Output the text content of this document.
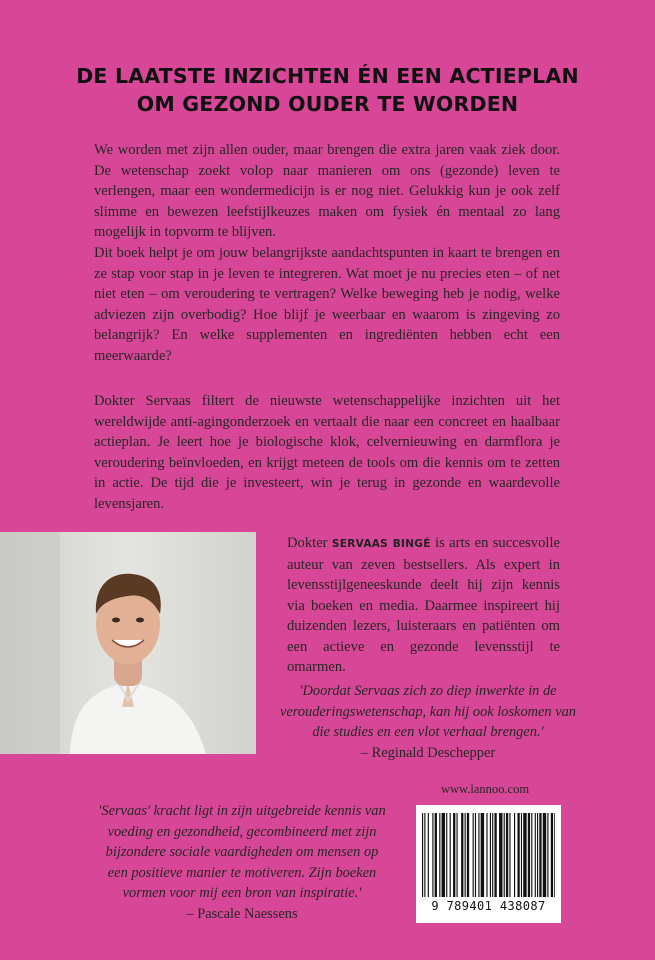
DE LAATSTE INZICHTEN ÉN EEN ACTIEPLAN
OM GEZOND OUDER TE WORDEN

We worden met zijn allen ouder, maar brengen die extra jaren vaak ziek door. De wetenschap zoekt volop naar manieren om ons (gezonde) leven te verlengen, maar een wondermedicijn is er nog niet. Gelukkig kun je ook zelf slimme en bewezen leefstijlkeuzes maken om fysiek én mentaal zo lang mogelijk in topvorm te blijven.

Dit boek helpt je om jouw belangrijkste aandachtspunten in kaart te brengen en ze stap voor stap in je leven te integreren. Wat moet je nu precies eten – of net niet eten – om veroudering te vertragen? Welke beweging heb je nodig, welke adviezen zijn overbodig? Hoe blijf je weerbaar en waarom is zingeving zo belangrijk? En welke supplementen en ingrediënten hebben echt een meerwaarde?

Dokter Servaas filtert de nieuwste wetenschappelijke inzichten uit het wereldwijde anti-agingonderzoek en vertaalt die naar een concreet en haalbaar actieplan. Je leert hoe je biologische klok, celvernieuwing en darmflora je veroudering beïnvloeden, en krijgt meteen de tools om die kennis om te zetten in actie. De tijd die je investeert, win je terug in gezonde en waardevolle levensjaren.

Dokter SERVAAS BINGÉ is arts en succesvolle auteur van zeven bestsellers. Als expert in levensstijlgeneeskunde deelt hij zijn kennis via boeken en media. Daarmee inspireert hij duizenden lezers, luisteraars en patiënten om een actieve en gezonde levensstijl te omarmen.

'Doordat Servaas zich zo diep inwerkte in de verouderingswetenschap, kan hij ook loskomen van die studies en een vlot verhaal brengen.'
– Reginald Deschepper
www.lannoo.com
'Servaas' kracht ligt in zijn uitgebreide kennis van voeding en gezondheid, gecombineerd met zijn bijzondere sociale vaardigheden om mensen op een positieve manier te motiveren. Zijn boeken vormen voor mij een bron van inspiratie.'
– Pascale Naessens	9 789401 438087
